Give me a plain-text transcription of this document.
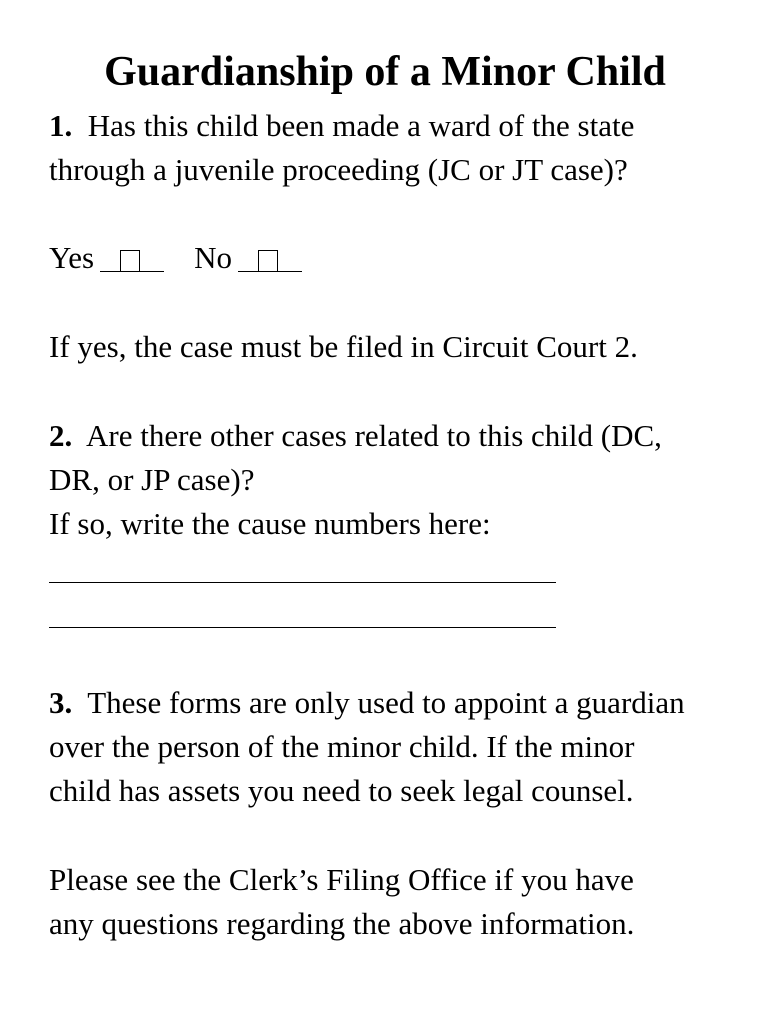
Guardianship of a Minor Child
1. Has this child been made a ward of the state
through a juvenile proceeding (JC or JT case)?
Yes	No
If yes, the case must be filed in Circuit Court 2.
2. Are there other cases related to this child (DC,
DR, or JP case)?
If so, write the cause numbers here:
3. These forms are only used to appoint a guardian
over the person of the minor child. If the minor
child has assets you need to seek legal counsel.
Please see the Clerk’s Filing Office if you have
any questions regarding the above information.
